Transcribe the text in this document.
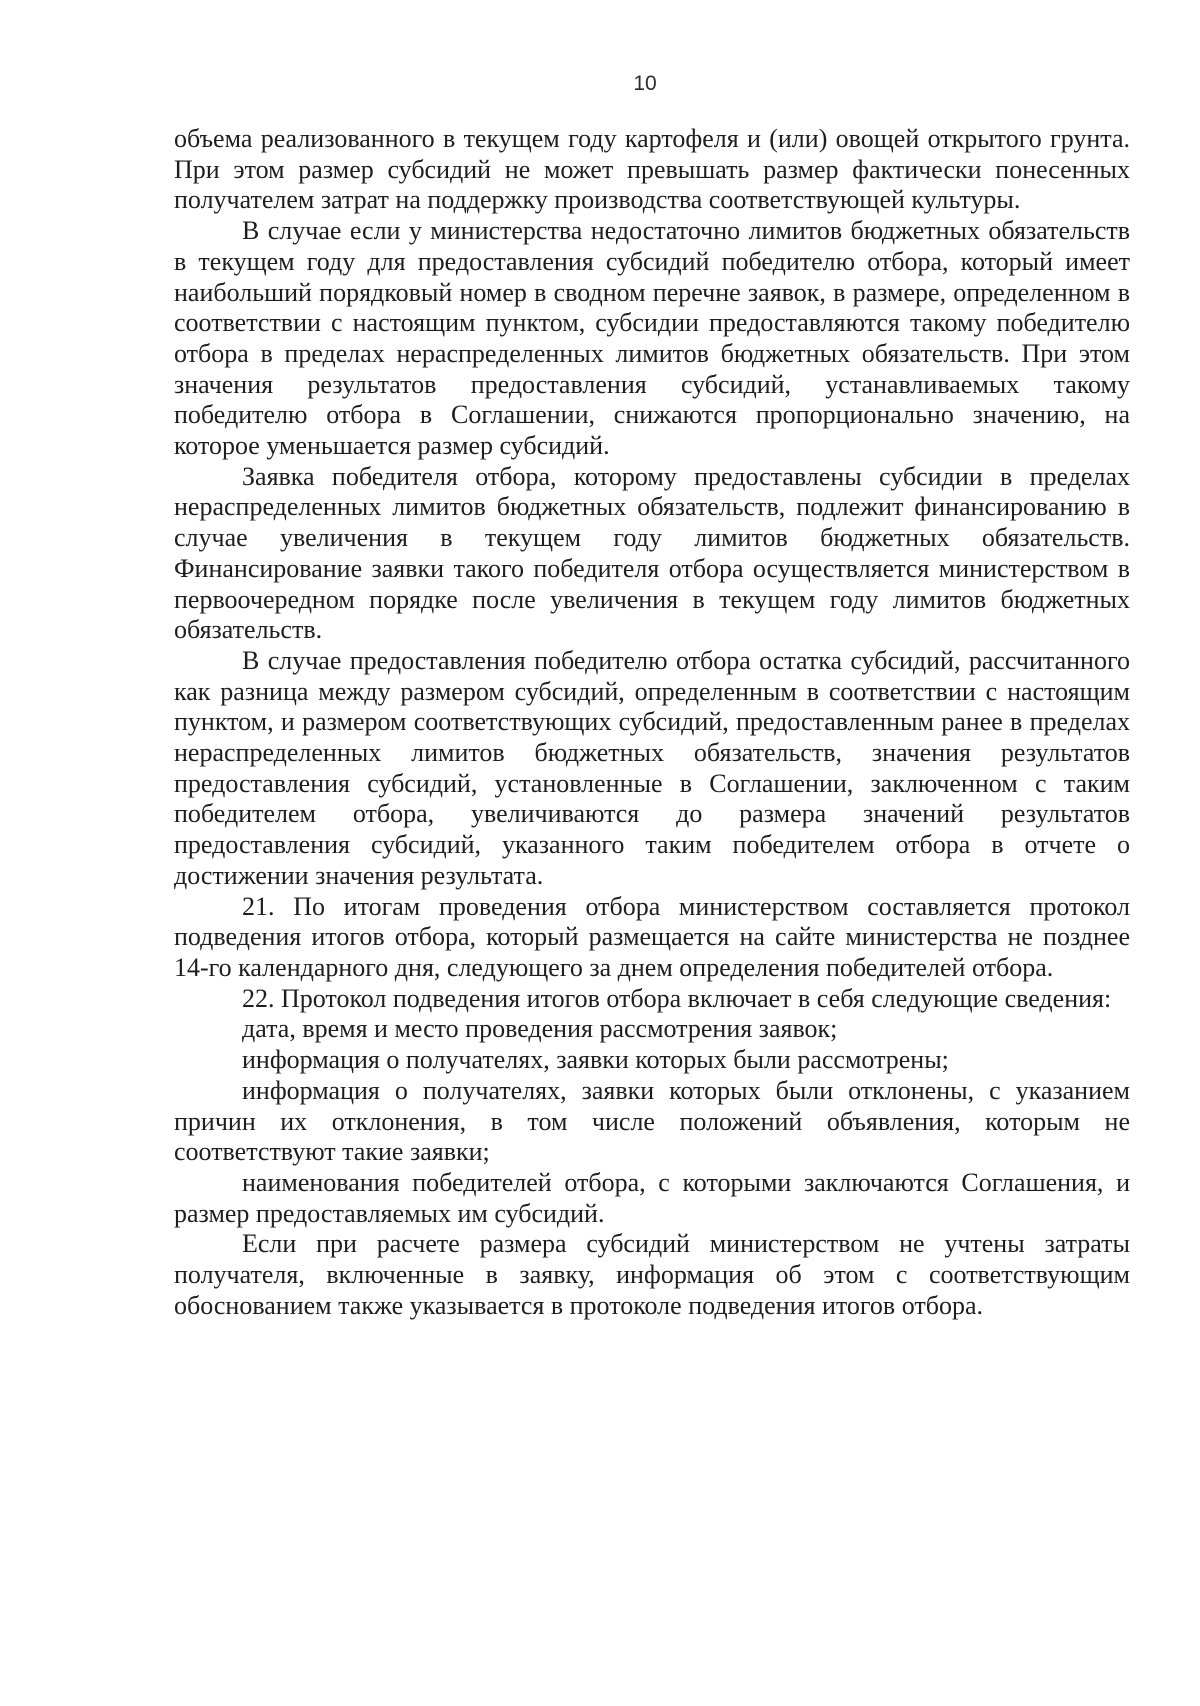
10

объема реализованного в текущем году картофеля и (или) овощей открытого грунта. При этом размер субсидий не может превышать размер фактически понесенных получателем затрат на поддержку производства соответствующей культуры.

В случае если у министерства недостаточно лимитов бюджетных обязательств в текущем году для предоставления субсидий победителю отбора, который имеет наибольший порядковый номер в сводном перечне заявок, в размере, определенном в соответствии с настоящим пунктом, субсидии предоставляются такому победителю отбора в пределах нераспределенных лимитов бюджетных обязательств. При этом значения результатов предоставления субсидий, устанавливаемых такому победителю отбора в Соглашении, снижаются пропорционально значению, на которое уменьшается размер субсидий.

Заявка победителя отбора, которому предоставлены субсидии в пределах нераспределенных лимитов бюджетных обязательств, подлежит финансированию в случае увеличения в текущем году лимитов бюджетных обязательств. Финансирование заявки такого победителя отбора осуществляется министерством в первоочередном порядке после увеличения в текущем году лимитов бюджетных обязательств.

В случае предоставления победителю отбора остатка субсидий, рассчитанного как разница между размером субсидий, определенным в соответствии с настоящим пунктом, и размером соответствующих субсидий, предоставленным ранее в пределах нераспределенных лимитов бюджетных обязательств, значения результатов предоставления субсидий, установленные в Соглашении, заключенном с таким победителем отбора, увеличиваются до размера значений результатов предоставления субсидий, указанного таким победителем отбора в отчете о достижении значения результата.

21. По итогам проведения отбора министерством составляется протокол подведения итогов отбора, который размещается на сайте министерства не позднее 14-го календарного дня, следующего за днем определения победителей отбора.

22. Протокол подведения итогов отбора включает в себя следующие сведения:

дата, время и место проведения рассмотрения заявок;

информация о получателях, заявки которых были рассмотрены;

информация о получателях, заявки которых были отклонены, с указанием причин их отклонения, в том числе положений объявления, которым не соответствуют такие заявки;

наименования победителей отбора, с которыми заключаются Соглашения, и размер предоставляемых им субсидий.

Если при расчете размера субсидий министерством не учтены затраты получателя, включенные в заявку, информация об этом с соответствующим обоснованием также указывается в протоколе подведения итогов отбора.
